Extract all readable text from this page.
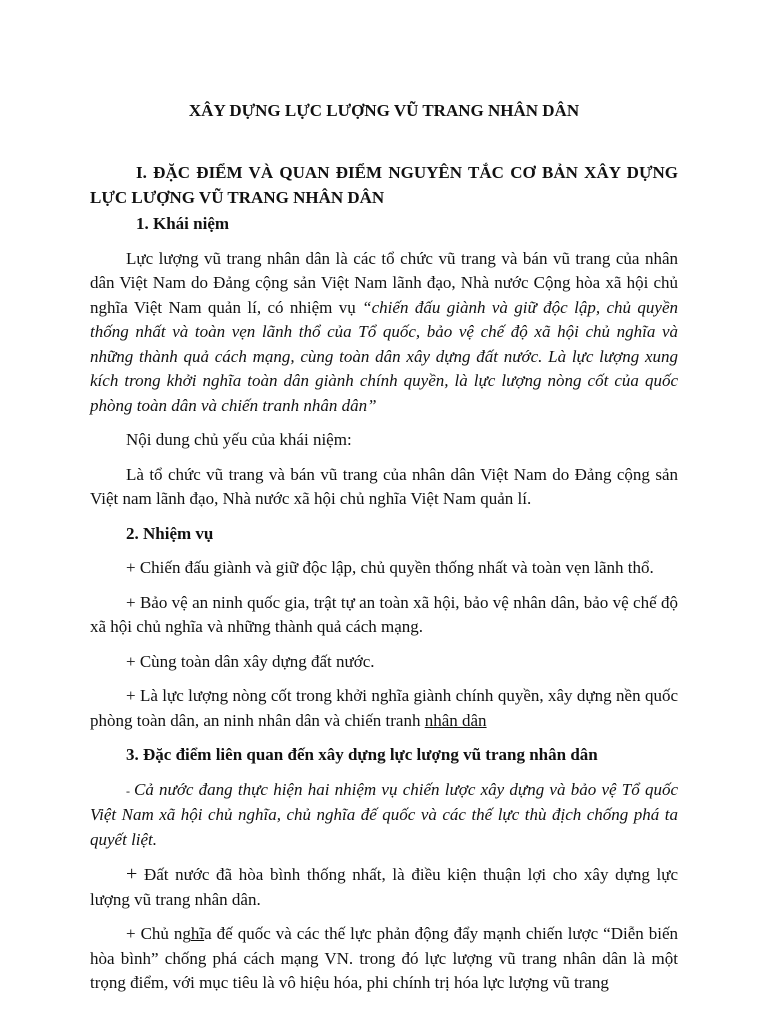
XÂY DỰNG LỰC LƯỢNG VŨ TRANG NHÂN DÂN

I. ĐẶC ĐIỂM VÀ QUAN ĐIỂM NGUYÊN TẮC CƠ BẢN XÂY DỰNG LỰC LƯỢNG VŨ TRANG NHÂN DÂN

1. Khái niệm

Lực lượng vũ trang nhân dân là các tổ chức vũ trang và bán vũ trang của nhân dân Việt Nam do Đảng cộng sản Việt Nam lãnh đạo, Nhà nước Cộng hòa xã hội chủ nghĩa Việt Nam quản lí, có nhiệm vụ “chiến đấu giành và giữ độc lập, chủ quyền thống nhất và toàn vẹn lãnh thổ của Tổ quốc, bảo vệ chế độ xã hội chủ nghĩa và những thành quả cách mạng, cùng toàn dân xây dựng đất nước. Là lực lượng xung kích trong khởi nghĩa toàn dân giành chính quyền, là lực lượng nòng cốt của quốc phòng toàn dân và chiến tranh nhân dân”

Nội dung chủ yếu của khái niệm:

Là tổ chức vũ trang và bán vũ trang của nhân dân Việt Nam do Đảng cộng sản Việt nam lãnh đạo, Nhà nước xã hội chủ nghĩa Việt Nam quản lí.

2. Nhiệm vụ

+ Chiến đấu giành và giữ độc lập, chủ quyền thống nhất và toàn vẹn lãnh thổ.

+ Bảo vệ an ninh quốc gia, trật tự an toàn xã hội, bảo vệ nhân dân, bảo vệ chế độ xã hội chủ nghĩa và những thành quả cách mạng.

+ Cùng toàn dân xây dựng đất nước.

+ Là lực lượng nòng cốt trong khởi nghĩa giành chính quyền, xây dựng nền quốc phòng toàn dân, an ninh nhân dân và chiến tranh nhân dân

3. Đặc điểm liên quan đến xây dựng lực lượng vũ trang nhân dân

- Cả nước đang thực hiện hai nhiệm vụ chiến lược xây dựng và bảo vệ Tổ quốc Việt Nam xã hội chủ nghĩa, chủ nghĩa đế quốc và các thế lực thù địch chống phá ta quyết liệt.

+ Đất nước đã hòa bình thống nhất, là điều kiện thuận lợi cho xây dựng lực lượng vũ trang nhân dân.

+ Chủ nghĩa đế quốc và các thế lực phản động đẩy mạnh chiến lược “Diễn biến hòa bình” chống phá cách mạng VN. trong đó lực lượng vũ trang nhân dân là một trọng điểm, với mục tiêu là vô hiệu hóa, phi chính trị hóa lực lượng vũ trang
